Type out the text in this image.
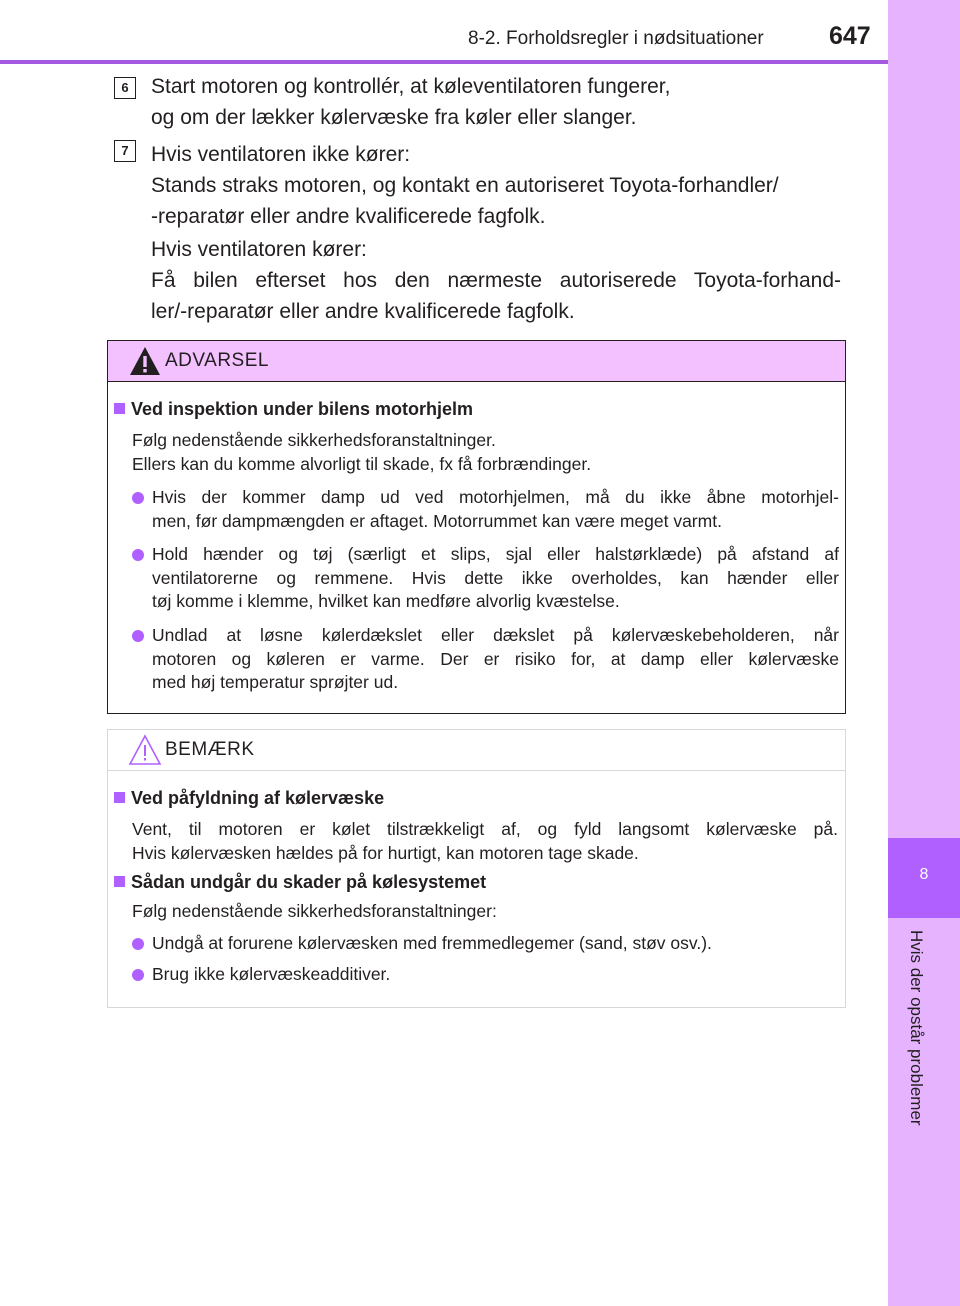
8-2. Forholdsregler i nødsituationer	647
8
Hvis der opstår problemer
6	Start motoren og kontrollér, at køleventilatoren fungerer,

og om der lækker kølervæske fra køler eller slanger.

7	Hvis ventilatoren ikke kører:

Stands straks motoren, og kontakt en autoriseret Toyota-forhandler/

-reparatør eller andre kvalificerede fagfolk.

Hvis ventilatoren kører:

Få bilen efterset hos den nærmeste autoriserede Toyota-forhand-

ler/-reparatør eller andre kvalificerede fagfolk.

ADVARSEL
Ved inspektion under bilens motorhjelm

Følg nedenstående sikkerhedsforanstaltninger.

Ellers kan du komme alvorligt til skade, fx få forbrændinger.

Hvis der kommer damp ud ved motorhjelmen, må du ikke åbne motorhjel-

men, før dampmængden er aftaget. Motorrummet kan være meget varmt.

Hold hænder og tøj (særligt et slips, sjal eller halstørklæde) på afstand af

ventilatorerne og remmene. Hvis dette ikke overholdes, kan hænder eller

tøj komme i klemme, hvilket kan medføre alvorlig kvæstelse.

Undlad at løsne kølerdækslet eller dækslet på kølervæskebeholderen, når

motoren og køleren er varme. Der er risiko for, at damp eller kølervæske

med høj temperatur sprøjter ud.

BEMÆRK
Ved påfyldning af kølervæske

Vent, til motoren er kølet tilstrækkeligt af, og fyld langsomt kølervæske på.

Hvis kølervæsken hældes på for hurtigt, kan motoren tage skade.

Sådan undgår du skader på kølesystemet

Følg nedenstående sikkerhedsforanstaltninger:

Undgå at forurene kølervæsken med fremmedlegemer (sand, støv osv.).

Brug ikke kølervæskeadditiver.
